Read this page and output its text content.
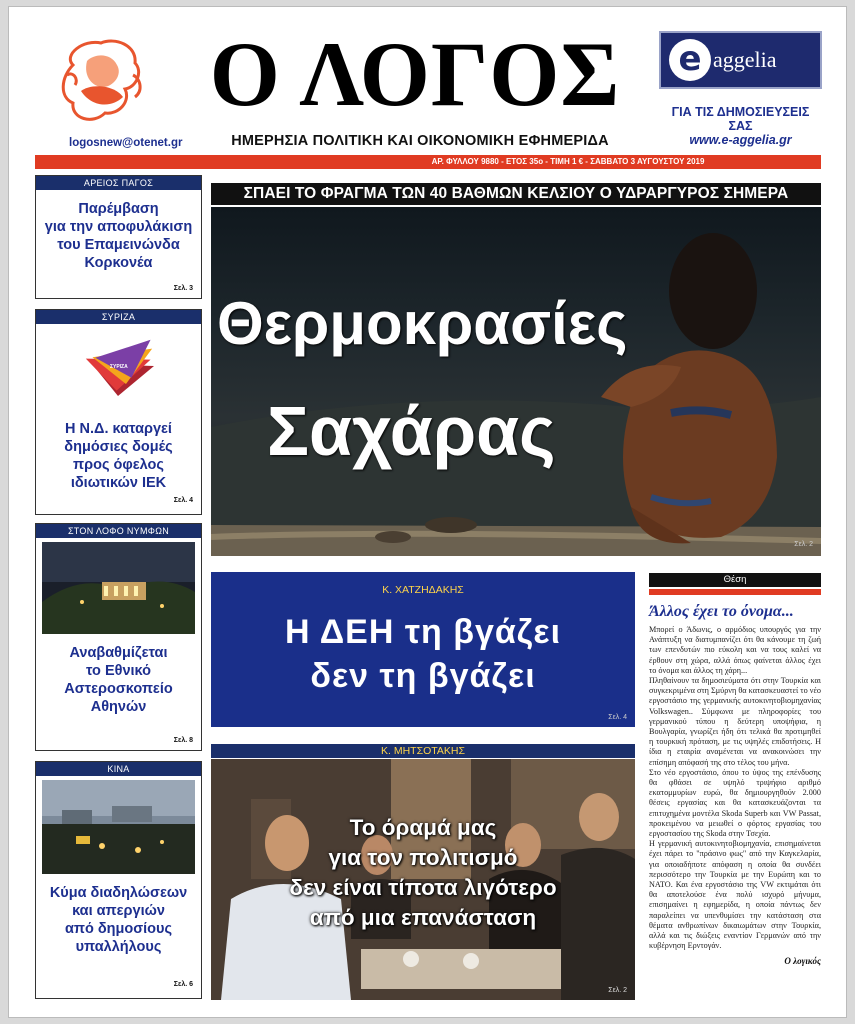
logosnew@otenet.gr
Ο ΛΟΓΟΣ
ΗΜΕΡΗΣΙΑ ΠΟΛΙΤΙΚΗ ΚΑΙ ΟΙΚΟΝΟΜΙΚΗ ΕΦΗΜΕΡΙΔΑ
e aggelia
ΓΙΑ ΤΙΣ ΔΗΜΟΣΙΕΥΣΕΙΣ ΣΑΣ
www.e-aggelia.gr
ΑΡ. ΦΥΛΛΟΥ 9880 - ΕΤΟΣ 35ο - ΤΙΜΗ 1 € - ΣΑΒΒΑΤΟ 3 ΑΥΓΟΥΣΤΟΥ 2019
ΑΡΕΙΟΣ ΠΑΓΟΣ
Παρέμβαση
για την αποφυλάκιση
του Επαμεινώνδα
Κορκονέα
Σελ. 3
ΣΥΡΙΖΑ
ΣΥΡΙΖΑ
Η Ν.Δ. καταργεί
δημόσιες δομές
προς όφελος
ιδιωτικών ΙΕΚ
Σελ. 4
ΣΤΟΝ ΛΟΦΟ ΝΥΜΦΩΝ
Αναβαθμίζεται
το Εθνικό
Αστεροσκοπείο
Αθηνών
Σελ. 8
ΚΙΝΑ
Κύμα διαδηλώσεων
και απεργιών
από δημοσίους
υπαλλήλους
Σελ. 6
ΣΠΑΕΙ ΤΟ ΦΡΑΓΜΑ ΤΩΝ 40 ΒΑΘΜΩΝ ΚΕΛΣΙΟΥ Ο ΥΔΡΑΡΓΥΡΟΣ ΣΗΜΕΡΑ
Θερμοκρασίες
Σαχάρας
Σελ. 2
Κ. ΧΑΤΖΗΔΑΚΗΣ
Η ΔΕΗ τη βγάζει
δεν τη βγάζει
Σελ. 4
Κ. ΜΗΤΣΟΤΑΚΗΣ
Το όραμά μας
για τον πολιτισμό
δεν είναι τίποτα λιγότερο
από μια επανάσταση
Σελ. 2
Θέση
Άλλος έχει το όνομα...
Μπορεί ο Άδωνις, ο αρμόδιος υπουργός για την Ανάπτυξη να διατυμπανίζει ότι θα κάνουμε τη ζωή των επενδυτών πιο εύκολη και να τους καλεί να έρθουν στη χώρα, αλλά όπως φαίνεται άλλος έχει το όνομα και άλλος τη χάρη...
Πληθαίνουν τα δημοσιεύματα ότι στην Τουρκία και συγκεκριμένα στη Σμύρνη θα κατασκευαστεί το νέο εργοστάσιο της γερμανικής αυτοκινητοβιομηχανίας Volkswagen.. Σύμφωνα με πληροφορίες του γερμανικού τύπου η δεύτερη υποψήφια, η Βουλγαρία, γνωρίζει ήδη ότι τελικά θα προτιμηθεί η τουρκική πρόταση, με τις υψηλές επιδοτήσεις. Η ίδια η εταιρία αναμένεται να ανακοινώσει την επίσημη απόφασή της στο τέλος του μήνα.
Στο νέο εργοστάσιο, όπου το ύψος της επένδυσης θα φθάσει σε υψηλό τριψήφιο αριθμό εκατομμυρίων ευρώ, θα δημιουργηθούν 2.000 θέσεις εργασίας και θα κατασκευάζονται τα επιτυχημένα μοντέλα Skoda Superb και VW Passat, προκειμένου να μειωθεί ο φόρτος εργασίας του εργοστασίου της Skoda στην Τσεχία.
Η γερμανική αυτοκινητοβιομηχανία, επισημαίνεται έχει πάρει το "πράσινο φως" από την Καγκελαρία, για οποιαδήποτε απόφαση η οποία θα συνδέει περισσότερο την Τουρκία με την Ευρώπη και το ΝΑΤΟ. Και ένα εργοστάσιο της VW εκτιμάται ότι θα αποτελούσε ένα πολύ ισχυρό μήνυμα, επισημαίνει η εφημερίδα, η οποία πάντως δεν παραλείπει να υπενθυμίσει την κατάσταση στα θέματα ανθρωπίνων δικαιωμάτων στην Τουρκία, αλλά και τις διώξεις εναντίον Γερμανών από την κυβέρνηση Ερντογάν.
Ο λογικός
